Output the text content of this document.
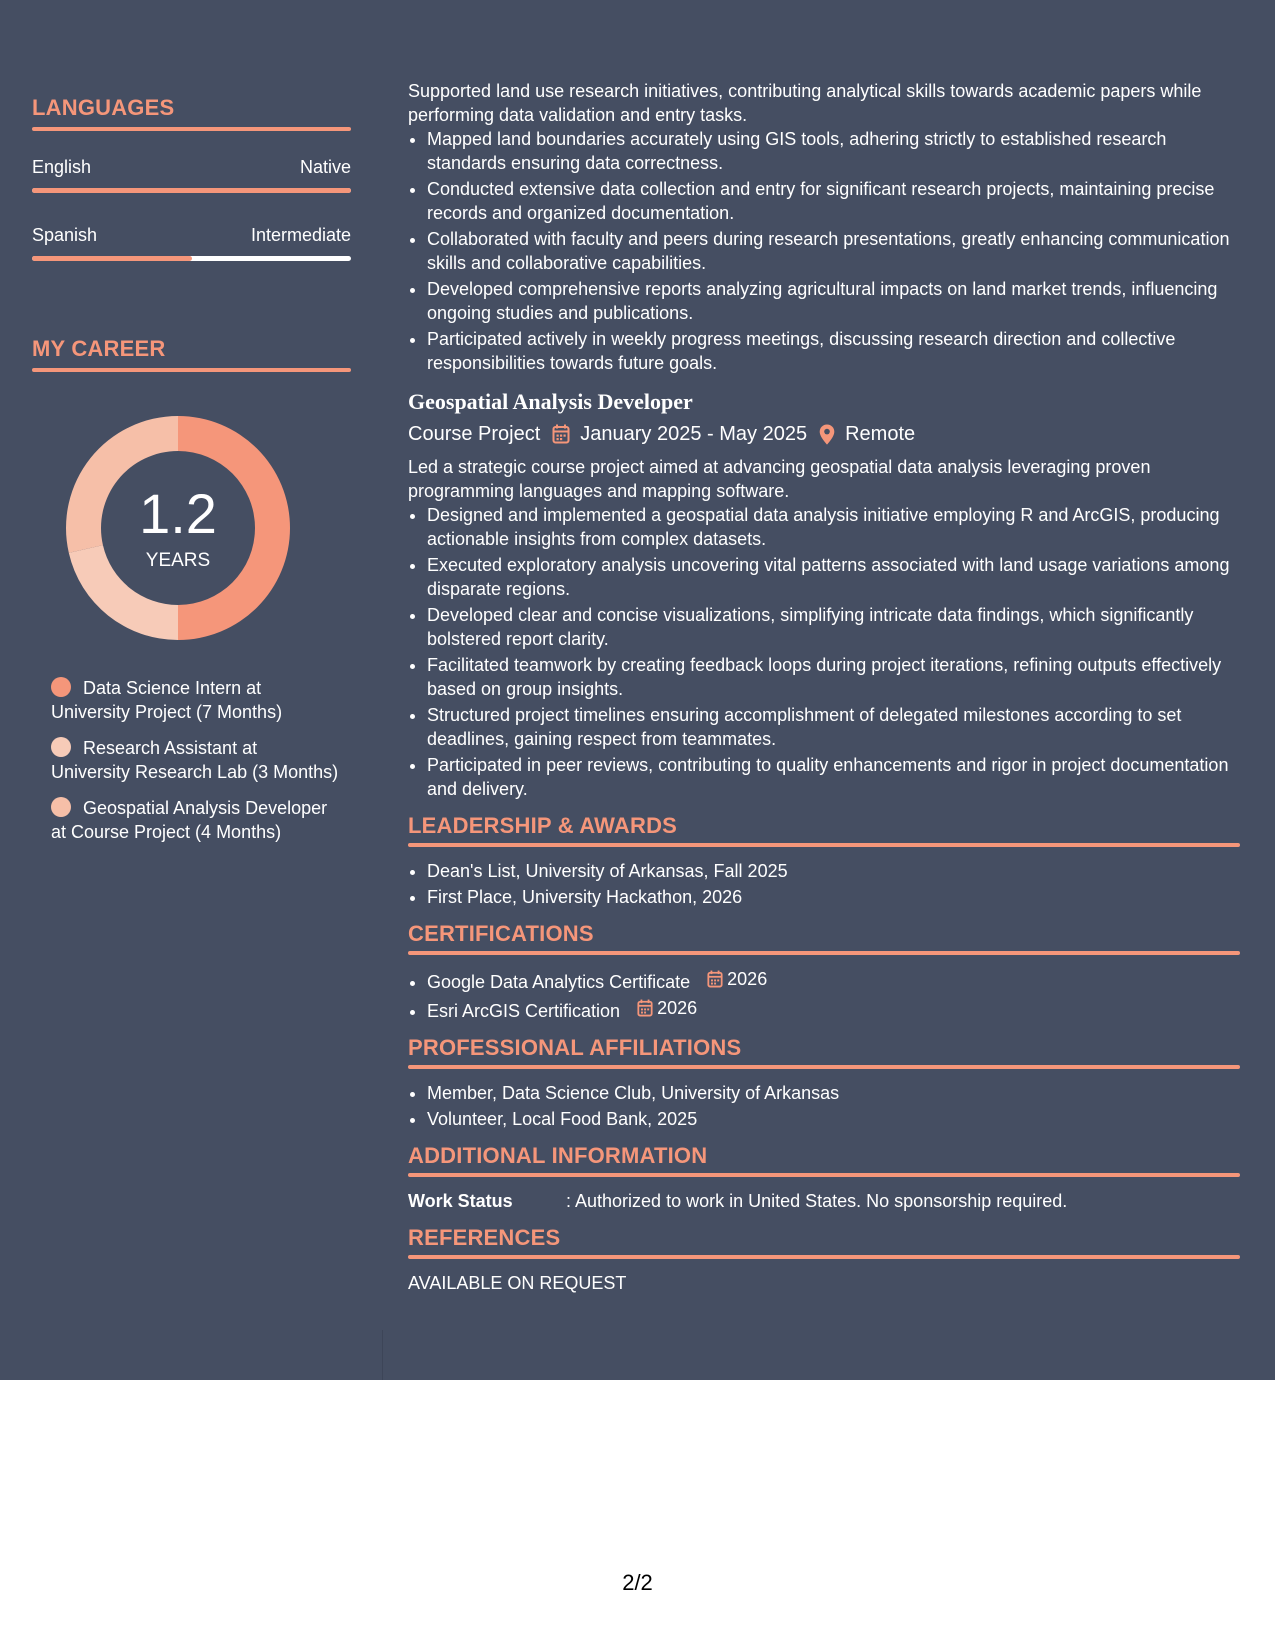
LANGUAGES
English	Native
Spanish	Intermediate
MY CAREER
1.2
YEARS
Data Science Intern at University Project (7 Months)
Research Assistant at University Research Lab (3 Months)
Geospatial Analysis Developer at Course Project (4 Months)

Supported land use research initiatives, contributing analytical skills towards academic papers while performing data validation and entry tasks.

• Mapped land boundaries accurately using GIS tools, adhering strictly to established research standards ensuring data correctness.
• Conducted extensive data collection and entry for significant research projects, maintaining precise records and organized documentation.
• Collaborated with faculty and peers during research presentations, greatly enhancing communication skills and collaborative capabilities.
• Developed comprehensive reports analyzing agricultural impacts on land market trends, influencing ongoing studies and publications.
• Participated actively in weekly progress meetings, discussing research direction and collective responsibilities towards future goals.
Geospatial Analysis Developer
Course Project January 2025 - May 2025 Remote

Led a strategic course project aimed at advancing geospatial data analysis leveraging proven programming languages and mapping software.

• Designed and implemented a geospatial data analysis initiative employing R and ArcGIS, producing actionable insights from complex datasets.
• Executed exploratory analysis uncovering vital patterns associated with land usage variations among disparate regions.
• Developed clear and concise visualizations, simplifying intricate data findings, which significantly bolstered report clarity.
• Facilitated teamwork by creating feedback loops during project iterations, refining outputs effectively based on group insights.
• Structured project timelines ensuring accomplishment of delegated milestones according to set deadlines, gaining respect from teammates.
• Participated in peer reviews, contributing to quality enhancements and rigor in project documentation and delivery.
LEADERSHIP & AWARDS
• Dean's List, University of Arkansas, Fall 2025
• First Place, University Hackathon, 2026
CERTIFICATIONS
• Google Data Analytics Certificate 2026
• Esri ArcGIS Certification 2026
PROFESSIONAL AFFILIATIONS
• Member, Data Science Club, University of Arkansas
• Volunteer, Local Food Bank, 2025
ADDITIONAL INFORMATION
Work Status	: Authorized to work in United States. No sponsorship required.
REFERENCES
AVAILABLE ON REQUEST
2/2
